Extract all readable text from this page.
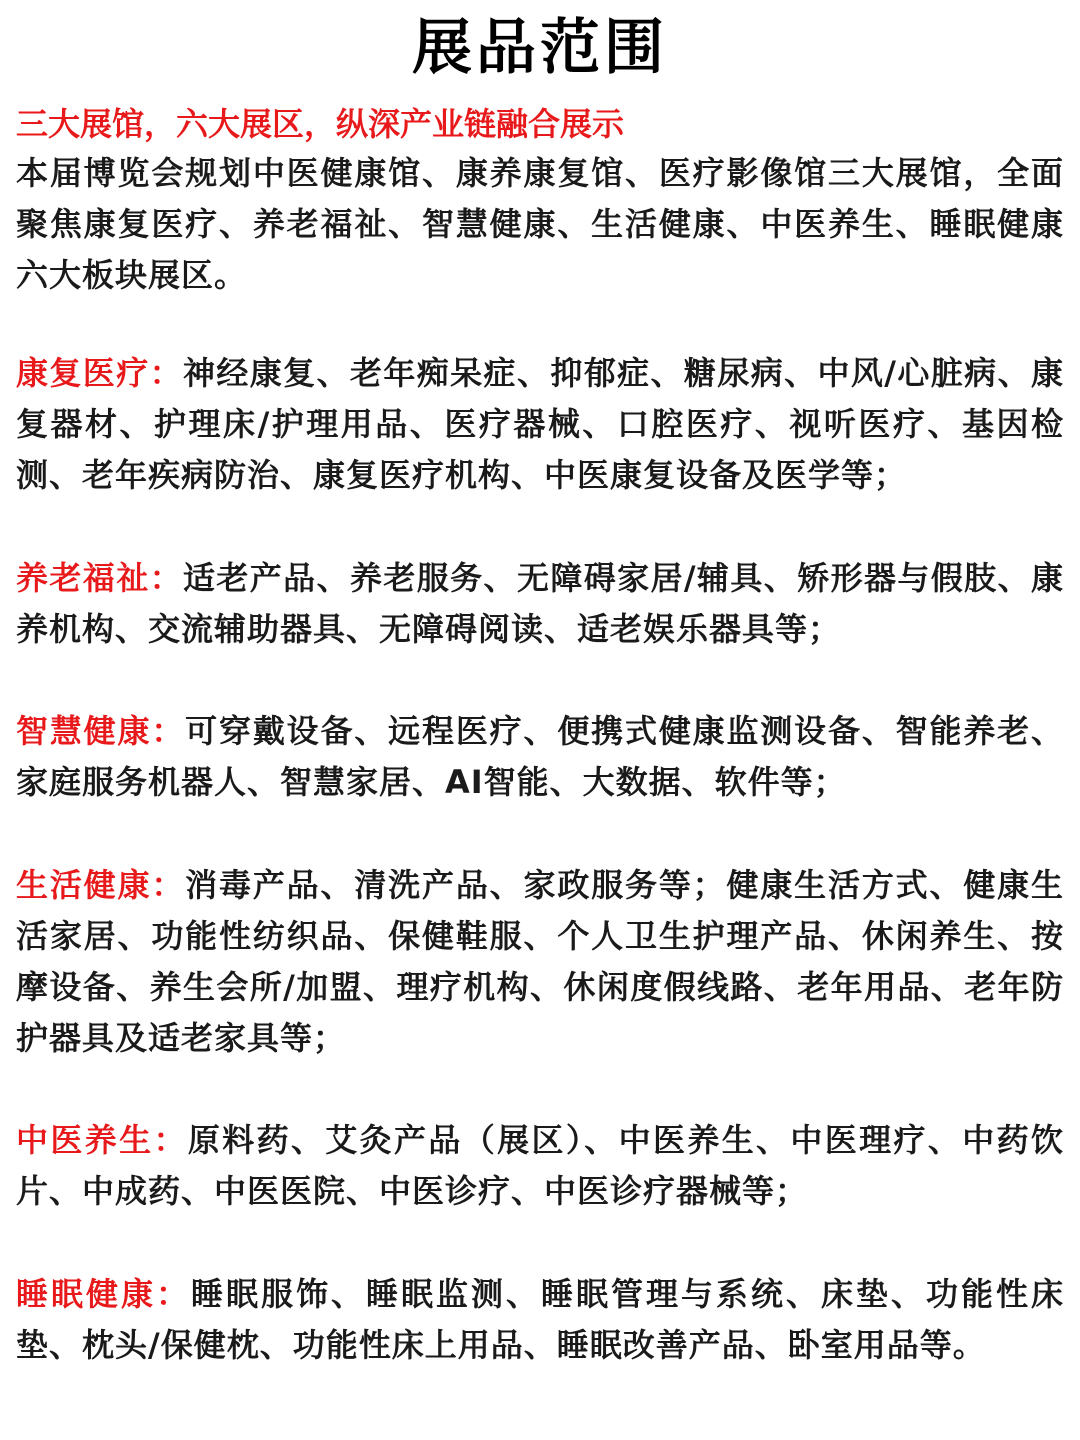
展品范围

三大展馆，六大展区，纵深产业链融合展示

本届博览会规划中医健康馆、康养康复馆、医疗影像馆三大展馆，全面聚焦康复医疗、养老福祉、智慧健康、生活健康、中医养生、睡眠健康六大板块展区。

康复医疗：神经康复、老年痴呆症、抑郁症、糖尿病、中风/心脏病、康复器材、护理床/护理用品、医疗器械、口腔医疗、视听医疗、基因检测、老年疾病防治、康复医疗机构、中医康复设备及医学等；

养老福祉：适老产品、养老服务、无障碍家居/辅具、矫形器与假肢、康养机构、交流辅助器具、无障碍阅读、适老娱乐器具等；

智慧健康：可穿戴设备、远程医疗、便携式健康监测设备、智能养老、家庭服务机器人、智慧家居、AI智能、大数据、软件等；

生活健康：消毒产品、清洗产品、家政服务等；健康生活方式、健康生活家居、功能性纺织品、保健鞋服、个人卫生护理产品、休闲养生、按摩设备、养生会所/加盟、理疗机构、休闲度假线路、老年用品、老年防护器具及适老家具等；

中医养生：原料药、艾灸产品（展区）、中医养生、中医理疗、中药饮片、中成药、中医医院、中医诊疗、中医诊疗器械等；

睡眠健康：睡眠服饰、睡眠监测、睡眠管理与系统、床垫、功能性床垫、枕头/保健枕、功能性床上用品、睡眠改善产品、卧室用品等。
